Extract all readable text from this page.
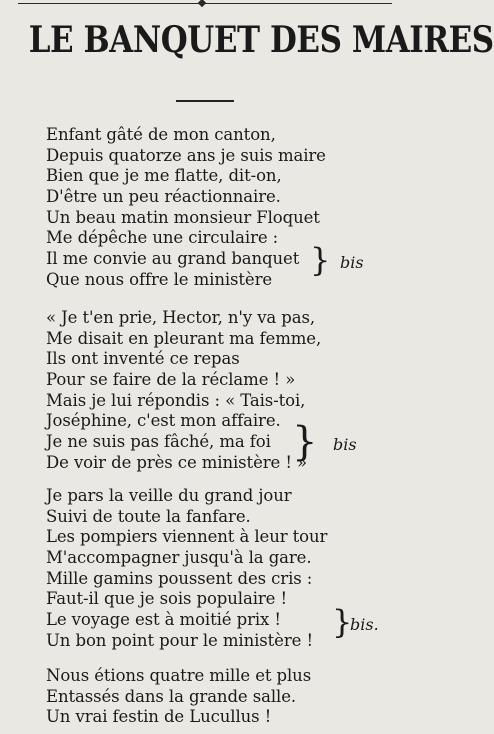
LE BANQUET DES MAIRES
Enfant gâté de mon canton,
Depuis quatorze ans je suis maire
Bien que je me flatte, dit-on,
D'être un peu réactionnaire.
Un beau matin monsieur Floquet
Me dépêche une circulaire :
Il me convie au grand banquet
Que nous offre le ministère
} bis
« Je t'en prie, Hector, n'y va pas,
Me disait en pleurant ma femme,
Ils ont inventé ce repas
Pour se faire de la réclame ! »
Mais je lui répondis : « Tais-toi,
Joséphine, c'est mon affaire.
Je ne suis pas fâché, ma foi
De voir de près ce ministère ! »
} bis
Je pars la veille du grand jour
Suivi de toute la fanfare.
Les pompiers viennent à leur tour
M'accompagner jusqu'à la gare.
Mille gamins poussent des cris :
Faut-il que je sois populaire !
Le voyage est à moitié prix !
Un bon point pour le ministère ! }
bis.
Nous étions quatre mille et plus
Entassés dans la grande salle.
Un vrai festin de Lucullus !
